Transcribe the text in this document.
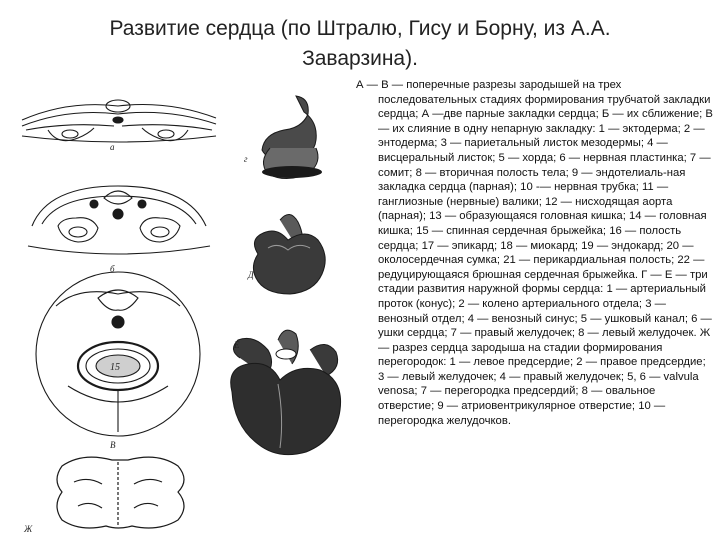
Развитие сердца (по Штралю, Гису и Борну, из А.А.
Заварзина).
а
б
15
В
Ж
г
Д
Е

А — В — поперечные разрезы зародышей на трех последовательных стадиях формирования трубчатой закладки сердца; А —две парные закладки сердца; Б — их сближение; В — их слияние в одну непарную закладку: 1 — эктодерма; 2 — энтодерма; 3 — париетальный листок мезодермы; 4 — висцеральный листок; 5 — хорда; 6 — нервная пластинка; 7 — сомит; 8 — вторичная полость тела; 9 — эндотелиаль-ная закладка сердца (парная); 10 -— нервная трубка; 11 — ганглиозные (нервные) валики; 12 — нисходящая аорта (парная); 13 — образующаяся головная кишка; 14 — головная кишка; 15 — спинная сердечная брыжейка; 16 — полость сердца; 17 — эпикард; 18 — миокард; 19 — эндокард; 20 — околосердечная сумка; 21 — перикардиальная полость; 22 — редуцирующаяся брюшная сердечная брыжейка. Г — Е — три стадии развития наружной формы сердца: 1 — артериальный проток (конус); 2 — колено артериального отдела; 3 — венозный отдел; 4 — венозный синус; 5 — ушковый канал; 6 — ушки сердца; 7 — правый желудочек; 8 — левый желудочек. Ж — разрез сердца зародыша на стадии формирования перегородок: 1 — левое предсердие; 2 — правое предсердие; 3 — левый желудочек; 4 — правый желудочек; 5, 6 — valvula venosa; 7 — перегородка предсердий; 8 — овальное отверстие; 9 — атриовентрикулярное отверстие; 10 — перегородка желудочков.
